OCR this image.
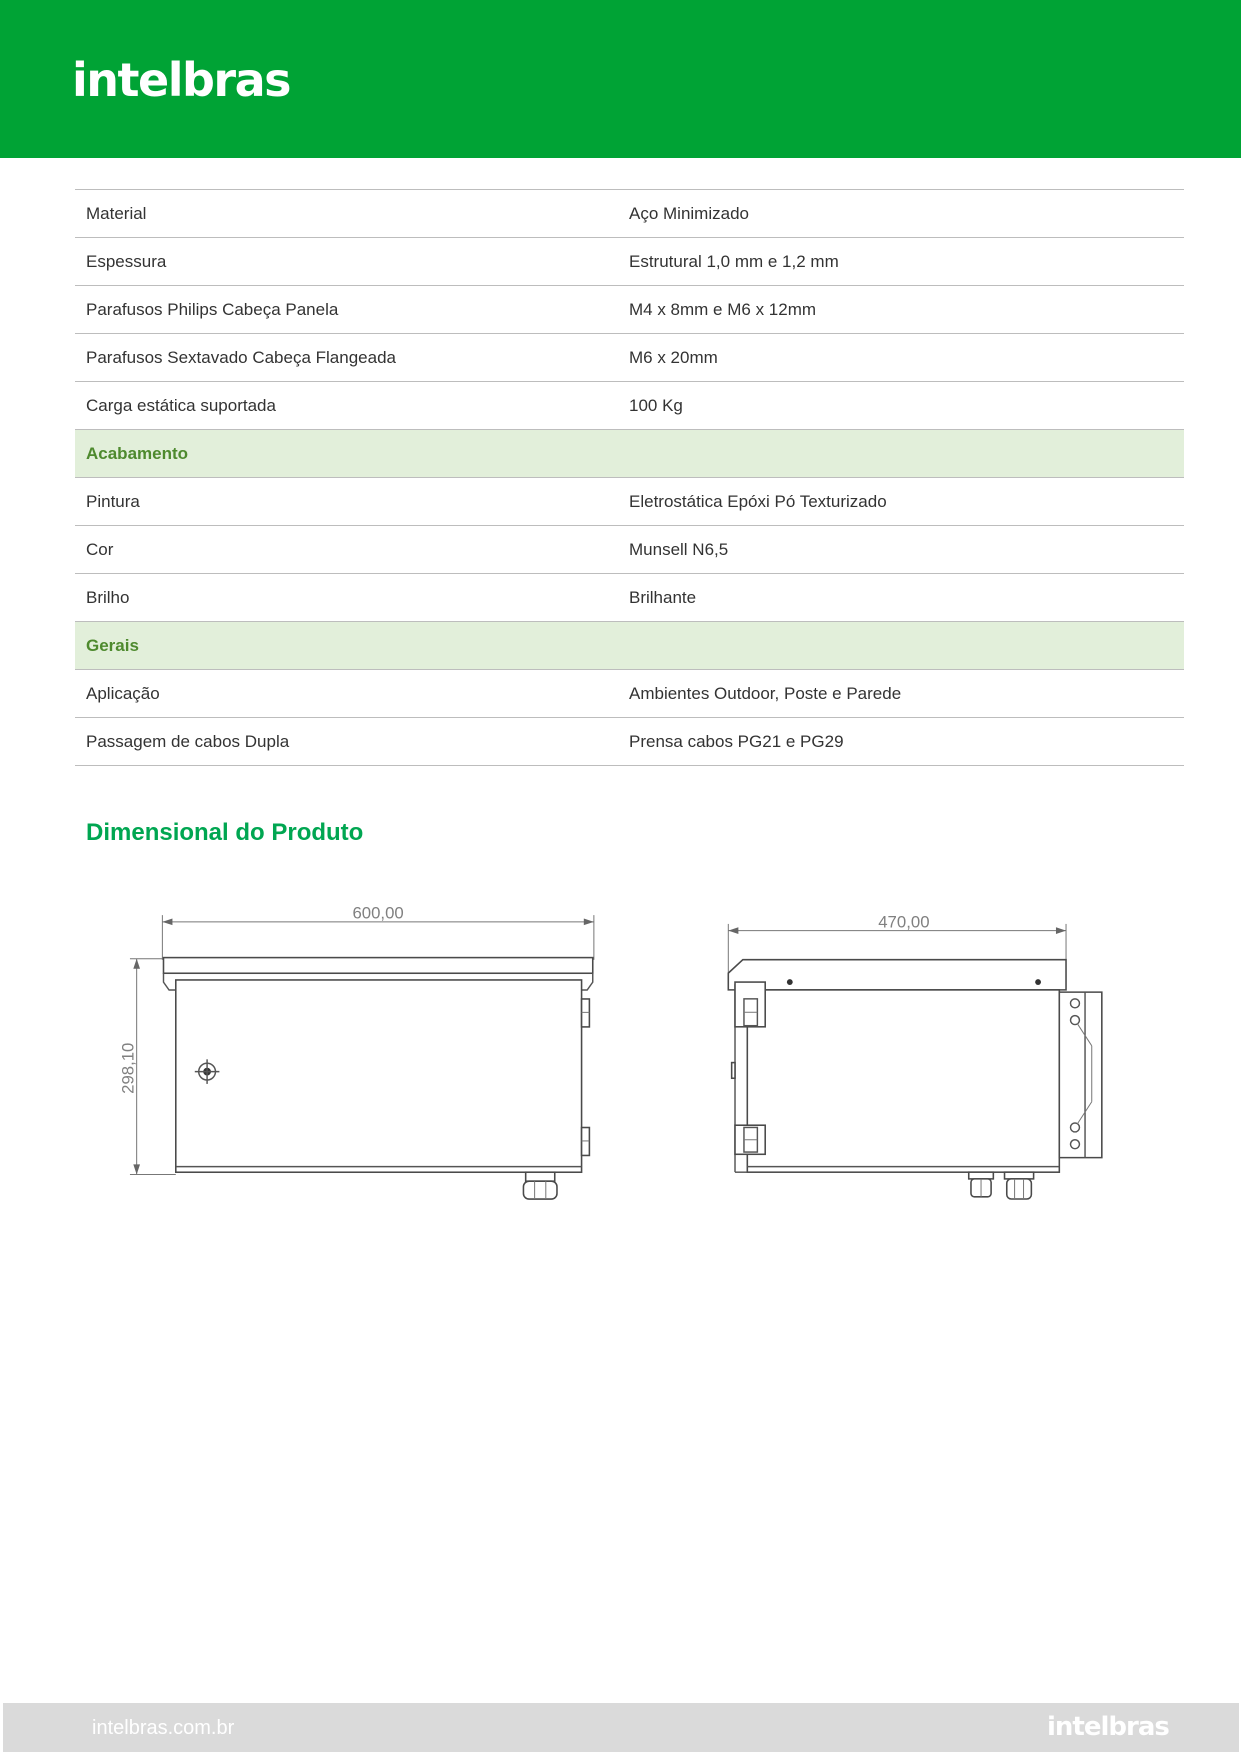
intelbras
Material	Aço Minimizado
Espessura	Estrutural 1,0 mm e 1,2 mm
Parafusos Philips Cabeça Panela	M4 x 8mm e M6 x 12mm
Parafusos Sextavado Cabeça Flangeada	M6 x 20mm
Carga estática suportada	100 Kg
Acabamento	
Pintura	Eletrostática Epóxi Pó Texturizado
Cor	Munsell N6,5
Brilho	Brilhante
Gerais	
Aplicação	Ambientes Outdoor, Poste e Parede
Passagem de cabos Dupla	Prensa cabos PG21 e PG29
Dimensional do Produto
600,00
298,10
470,00
intelbras.com.br	intelbras
